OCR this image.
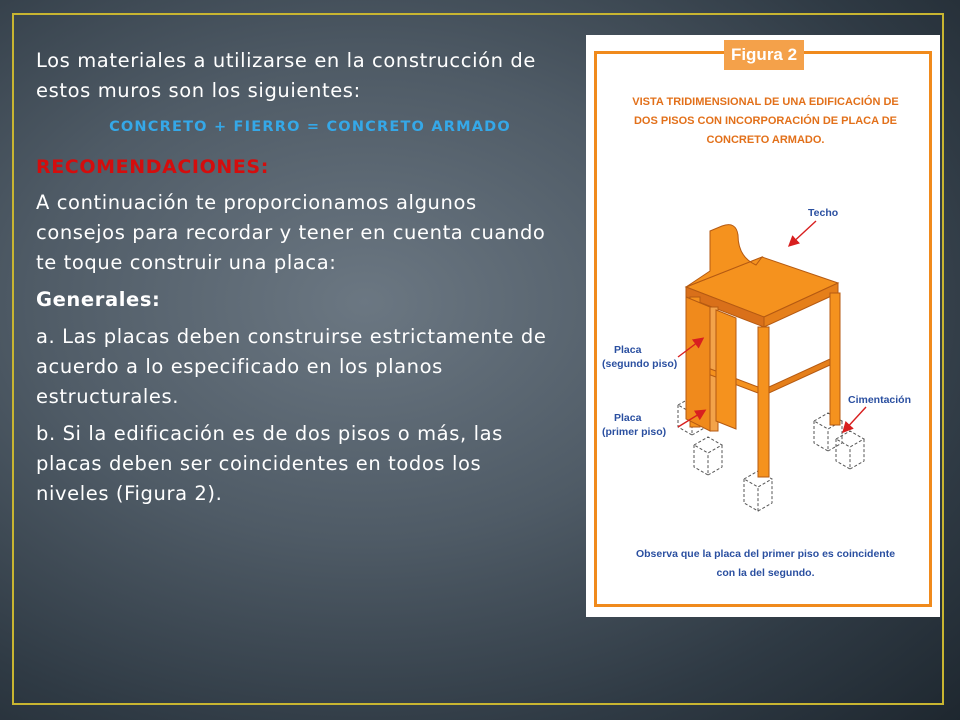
Los materiales a utilizarse en la construcción de estos muros son los siguientes:

CONCRETO + FIERRO = CONCRETO ARMADO

RECOMENDACIONES:

A continuación te proporcionamos algunos consejos para recordar y tener en cuenta cuando te toque construir una placa:

Generales:

a. Las placas deben construirse estrictamente de acuerdo a lo especificado en los planos estructurales.

b. Si la edificación es de dos pisos o más, las placas deben ser coincidentes en todos los niveles (Figura 2).

Figura 2
VISTA TRIDIMENSIONAL DE UNA EDIFICACIÓN DE
DOS PISOS CON INCORPORACIÓN DE PLACA DE
CONCRETO ARMADO.
Techo
Placa
(segundo piso)
Placa
(primer piso)
Cimentación
Observa que la placa del primer piso es coincidente
con la del segundo.
